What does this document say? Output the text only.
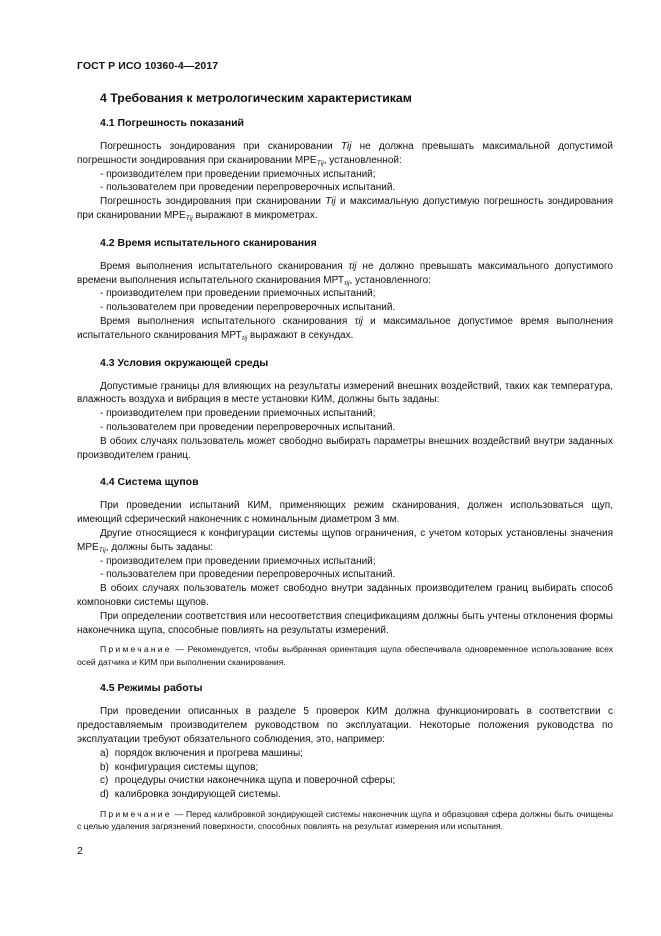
ГОСТ Р ИСО 10360-4—2017
4 Требования к метрологическим характеристикам
4.1 Погрешность показаний

Погрешность зондирования при сканировании Tij не должна превышать максимальной допустимой погрешности зондирования при сканировании $МРЕ_{Tij}$, установленной:

- производителем при проведении приемочных испытаний;

- пользователем при проведении перепроверочных испытаний.

Погрешность зондирования при сканировании Tij и максимальную допустимую погрешность зондирования при сканировании $МРЕ_{Tij}$ выражают в микрометрах.

4.2 Время испытательного сканирования

Время выполнения испытательного сканирования τij не должно превышать максимального допустимого времени выполнения испытательного сканирования $МРТ_{\tau ij}$, установленного:

- производителем при проведении приемочных испытаний;

- пользователем при проведении перепроверочных испытаний.

Время выполнения испытательного сканирования τij и максимальное допустимое время выполнения испытательного сканирования $МРТ_{\tau ij}$ выражают в секундах.

4.3 Условия окружающей среды

Допустимые границы для влияющих на результаты измерений внешних воздействий, таких как температура, влажность воздуха и вибрация в месте установки КИМ, должны быть заданы:

- производителем при проведении приемочных испытаний;

- пользователем при проведении перепроверочных испытаний.

В обоих случаях пользователь может свободно выбирать параметры внешних воздействий внутри заданных производителем границ.

4.4 Система щупов

При проведении испытаний КИМ, применяющих режим сканирования, должен использоваться щуп, имеющий сферический наконечник с номинальным диаметром 3 мм.

Другие относящиеся к конфигурации системы щупов ограничения, с учетом которых установлены значения $МРЕ_{Tij}$, должны быть заданы:

- производителем при проведении приемочных испытаний;

- пользователем при проведении перепроверочных испытаний.

В обоих случаях пользователь может свободно внутри заданных производителем границ выбирать способ компоновки системы щупов.

При определении соответствия или несоответствия спецификациям должны быть учтены отклонения формы наконечника щупа, способные повлиять на результаты измерений.

Примечание — Рекомендуется, чтобы выбранная ориентация щупа обеспечивала одновременное использование всех осей датчика и КИМ при выполнении сканирования.

4.5 Режимы работы

При проведении описанных в разделе 5 проверок КИМ должна функционировать в соответствии с предоставляемым производителем руководством по эксплуатации. Некоторые положения руководства по эксплуатации требуют обязательного соблюдения, это, например:

a) порядок включения и прогрева машины;

b) конфигурация системы щупов;

c) процедуры очистки наконечника щупа и поверочной сферы;

d) калибровка зондирующей системы.

Примечание — Перед калибровкой зондирующей системы наконечник щупа и образцовая сфера должны быть очищены с целью удаления загрязнений поверхности, способных повлиять на результат измерения или испытания.

2
